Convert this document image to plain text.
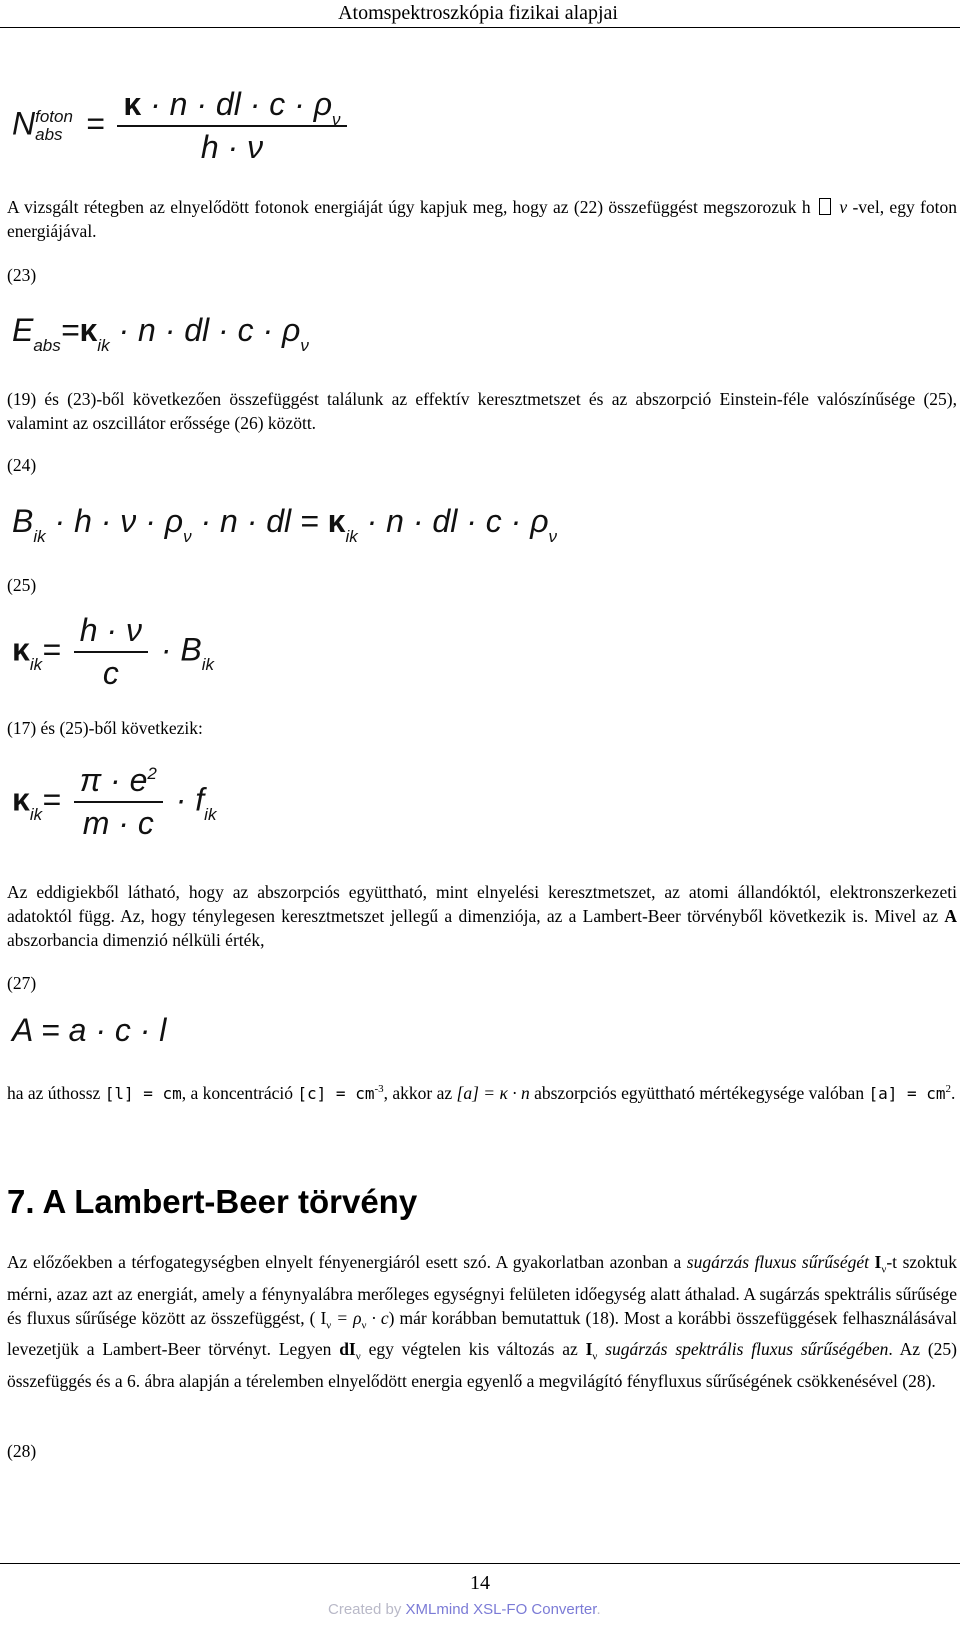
Atomspektroszkópia fizikai alapjai
N foton
abs = $\frac{\kappa \cdot n \cdot dl \cdot c \cdot \rho_\nu}{h \cdot \nu}$
A vizsgált rétegben az elnyelődött fotonok energiáját úgy kapjuk meg, hogy az (22) összefüggést megszorozuk h ν -vel, egy foton energiájával.
(23)
$E_{abs}=\kappa_{ik} \cdot n$ · dl · $c \cdot \rho_\nu$
(19) és (23)-ből következően összefüggést találunk az effektív keresztmetszet és az abszorpció Einstein-féle valószínűsége (25), valamint az oszcillátor erőssége (26) között.
(24)
$B_{ik} \cdot h \cdot \nu \cdot \rho_\nu \cdot n$ · dl = $\kappa_{ik} \cdot n$ · dl · $c \cdot \rho_\nu$
(25)
$\kappa_{ik}= \frac{h \cdot \nu}{c} \cdot B_{ik}$
(17) és (25)-ből következik:
$\kappa_{ik}= \frac{\pi \cdot e^2}{m \cdot c} \cdot f_{ik}$
Az eddigiekből látható, hogy az abszorpciós együttható, mint elnyelési keresztmetszet, az atomi állandóktól, elektronszerkezeti adatoktól függ. Az, hogy ténylegesen keresztmetszet jellegű a dimenziója, az a Lambert-Beer törvényből következik is. Mivel az A abszorbancia dimenzió nélküli érték,
(27)
A = a · c · l
ha az úthossz [l] = cm, a koncentráció $[c] = cm^{-3}$, akkor az [a] = κ · n abszorpciós együttható mértékegysége valóban $[a] = cm^2$.
7. A Lambert-Beer törvény
Az előzőekben a térfogategységben elnyelt fényenergiáról esett szó. A gyakorlatban azonban a sugárzás fluxus sűrűségét $I_\nu-t$ szoktuk mérni, azaz azt az energiát, amely a fénynyalábra merőleges egységnyi felületen időegység alatt áthalad. A sugárzás spektrális sűrűsége és fluxus sűrűsége között az összefüggést, ( $I_\nu = \rho_\nu \cdot c$) már korábban bemutattuk (18). Most a korábbi összefüggések felhasználásával levezetjük a Lambert-Beer törvényt. Legyen $dI_\nu$ egy végtelen kis változás az $I_\nu$ sugárzás spektrális fluxus sűrűségében. Az (25) összefüggés és a 6. ábra alapján a térelemben elnyelődött energia egyenlő a megvilágító fényfluxus sűrűségének csökkenésével (28).
(28)
14
Created by XMLmind XSL-FO Converter.
